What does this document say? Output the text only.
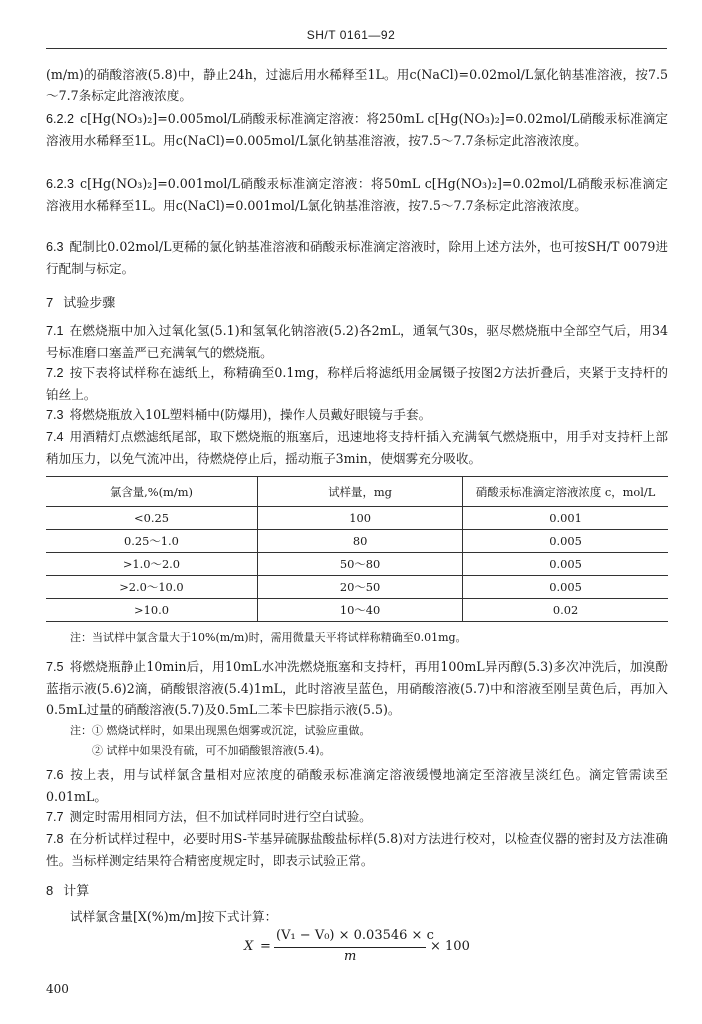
SH/T 0161—92
(m/m)的硝酸溶液(5.8)中，静止24h，过滤后用水稀释至1L。用c(NaCl)=0.02mol/L氯化钠基准溶液，按7.5～7.7条标定此溶液浓度。
6.2.2 c[Hg(NO₃)₂]=0.005mol/L硝酸汞标准滴定溶液：将250mL c[Hg(NO₃)₂]=0.02mol/L硝酸汞标准滴定溶液用水稀释至1L。用c(NaCl)=0.005mol/L氯化钠基准溶液，按7.5～7.7条标定此溶液浓度。
6.2.3 c[Hg(NO₃)₂]=0.001mol/L硝酸汞标准滴定溶液：将50mL c[Hg(NO₃)₂]=0.02mol/L硝酸汞标准滴定溶液用水稀释至1L。用c(NaCl)=0.001mol/L氯化钠基准溶液，按7.5～7.7条标定此溶液浓度。
6.3 配制比0.02mol/L更稀的氯化钠基准溶液和硝酸汞标准滴定溶液时，除用上述方法外，也可按SH/T 0079进行配制与标定。
7 试验步骤
7.1 在燃烧瓶中加入过氧化氢(5.1)和氢氧化钠溶液(5.2)各2mL，通氧气30s，驱尽燃烧瓶中全部空气后，用34号标准磨口塞盖严已充满氧气的燃烧瓶。
7.2 按下表将试样称在滤纸上，称精确至0.1mg，称样后将滤纸用金属镊子按图2方法折叠后，夹紧于支持杆的铂丝上。
7.3 将燃烧瓶放入10L塑料桶中(防爆用)，操作人员戴好眼镜与手套。
7.4 用酒精灯点燃滤纸尾部，取下燃烧瓶的瓶塞后，迅速地将支持杆插入充满氧气燃烧瓶中，用手对支持杆上部稍加压力，以免气流冲出，待燃烧停止后，摇动瓶子3min，使烟雾充分吸收。
氯含量,%(m/m)	试样量，mg	硝酸汞标准滴定溶液浓度 c，mol/L
<0.25	100	0.001
0.25～1.0	80	0.005
>1.0～2.0	50～80	0.005
>2.0～10.0	20～50	0.005
>10.0	10～40	0.02
注：当试样中氯含量大于10%(m/m)时，需用微量天平将试样称精确至0.01mg。
7.5 将燃烧瓶静止10min后，用10mL水冲洗燃烧瓶塞和支持杆，再用100mL异丙醇(5.3)多次冲洗后，加溴酚蓝指示液(5.6)2滴，硝酸银溶液(5.4)1mL，此时溶液呈蓝色，用硝酸溶液(5.7)中和溶液至刚呈黄色后，再加入0.5mL过量的硝酸溶液(5.7)及0.5mL二苯卡巴腙指示液(5.5)。
注：① 燃烧试样时，如果出现黑色烟雾或沉淀，试验应重做。
② 试样中如果没有硫，可不加硝酸银溶液(5.4)。
7.6 按上表，用与试样氯含量相对应浓度的硝酸汞标准滴定溶液缓慢地滴定至溶液呈淡红色。滴定管需读至0.01mL。
7.7 测定时需用相同方法，但不加试样同时进行空白试验。
7.8 在分析试样过程中，必要时用S-苄基异硫脲盐酸盐标样(5.8)对方法进行校对，以检查仪器的密封及方法准确性。当标样测定结果符合精密度规定时，即表示试验正常。
8 计算
试样氯含量[X(%)m/m]按下式计算：
X =
(V₁ − V₀) × 0.03546 × c
m
× 100
400
